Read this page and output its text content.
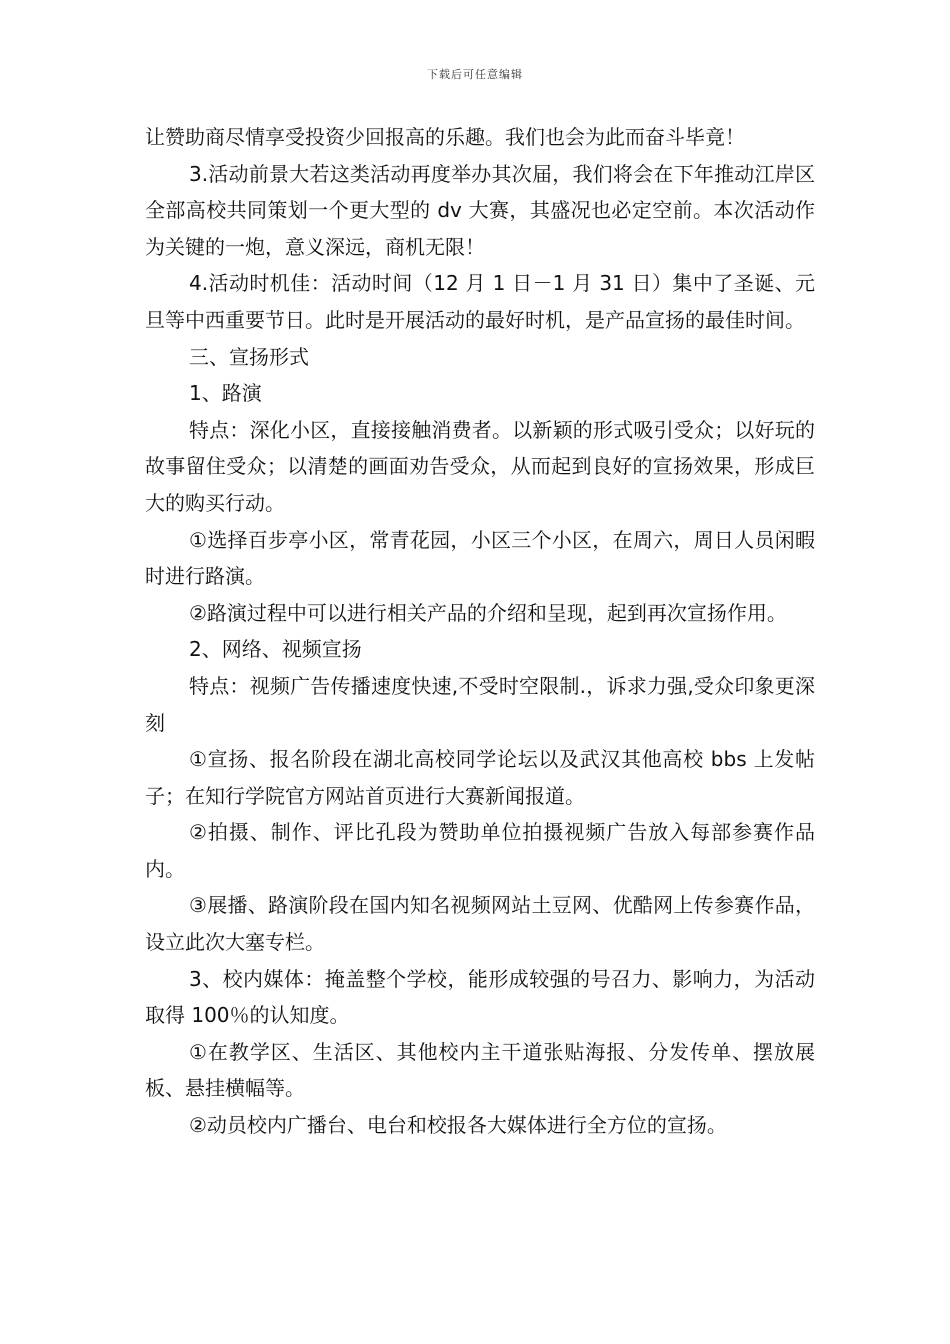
下载后可任意编辑

让赞助商尽情享受投资少回报高的乐趣。我们也会为此而奋斗毕竟！

3.活动前景大若这类活动再度举办其次届，我们将会在下年推动江岸区全部高校共同策划一个更大型的 dv 大赛，其盛况也必定空前。本次活动作为关键的一炮，意义深远，商机无限！

4.活动时机佳：活动时间（12 月 1 日－1 月 31 日）集中了圣诞、元旦等中西重要节日。此时是开展活动的最好时机，是产品宣扬的最佳时间。

三、宣扬形式

1、路演

特点：深化小区，直接接触消费者。以新颖的形式吸引受众；以好玩的故事留住受众；以清楚的画面劝告受众，从而起到良好的宣扬效果，形成巨大的购买行动。

①选择百步亭小区，常青花园，小区三个小区，在周六，周日人员闲暇时进行路演。

②路演过程中可以进行相关产品的介绍和呈现，起到再次宣扬作用。

2、网络、视频宣扬

特点：视频广告传播速度快速,不受时空限制.，诉求力强,受众印象更深刻

①宣扬、报名阶段在湖北高校同学论坛以及武汉其他高校 bbs 上发帖子；在知行学院官方网站首页进行大赛新闻报道。

②拍摄、制作、评比孔段为赞助单位拍摄视频广告放入每部参赛作品内。

③展播、路演阶段在国内知名视频网站土豆网、优酷网上传参赛作品，设立此次大塞专栏。

3、校内媒体：掩盖整个学校，能形成较强的号召力、影响力，为活动取得 100％的认知度。

①在教学区、生活区、其他校内主干道张贴海报、分发传单、摆放展板、悬挂横幅等。

②动员校内广播台、电台和校报各大媒体进行全方位的宣扬。
